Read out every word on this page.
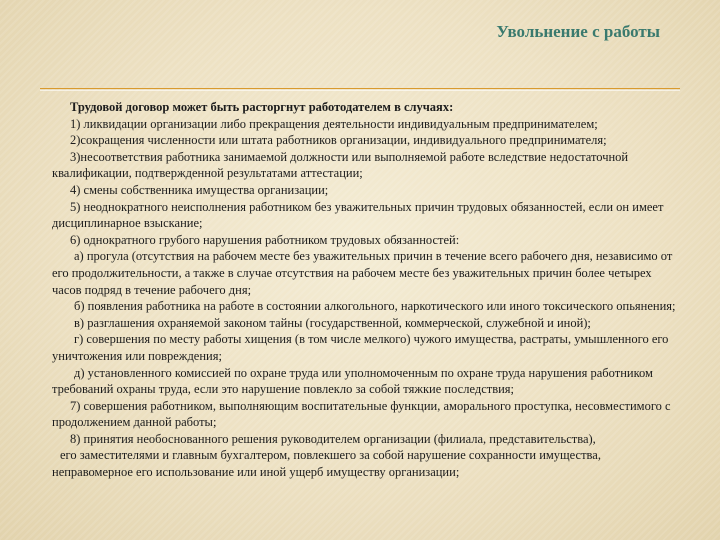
Увольнение с работы

Трудовой договор может быть расторгнут работодателем в случаях:

1) ликвидации организации либо прекращения деятельности индивидуальным предпринимателем;

2)сокращения численности или штата работников организации, индивидуального предпринимателя;

3)несоответствия работника занимаемой должности или выполняемой работе вследствие недостаточной квалификации, подтвержденной результатами аттестации;

4) смены собственника имущества организации;

5) неоднократного неисполнения работником без уважительных причин трудовых обязанностей, если он имеет дисциплинарное взыскание;

6) однократного грубого нарушения работником трудовых обязанностей:

а) прогула (отсутствия на рабочем месте без уважительных причин в течение всего рабочего дня, независимо от его продолжительности, а также в случае отсутствия на рабочем месте без уважительных причин более четырех часов подряд в течение рабочего дня;

б) появления работника на работе в состоянии алкогольного, наркотического или иного токсического опьянения;

в) разглашения охраняемой законом тайны (государственной, коммерческой, служебной и иной);

г) совершения по месту работы хищения (в том числе мелкого) чужого имущества, растраты, умышленного его уничтожения или повреждения;

д) установленного комиссией по охране труда или уполномоченным по охране труда нарушения работником требований охраны труда, если это нарушение повлекло за собой тяжкие последствия;

7) совершения работником, выполняющим воспитательные функции, аморального проступка, несовместимого с продолжением данной работы;

8) принятия необоснованного решения руководителем организации (филиала, представительства),

его заместителями и главным бухгалтером, повлекшего за собой нарушение сохранности имущества, неправомерное его использование или иной ущерб имуществу организации;
